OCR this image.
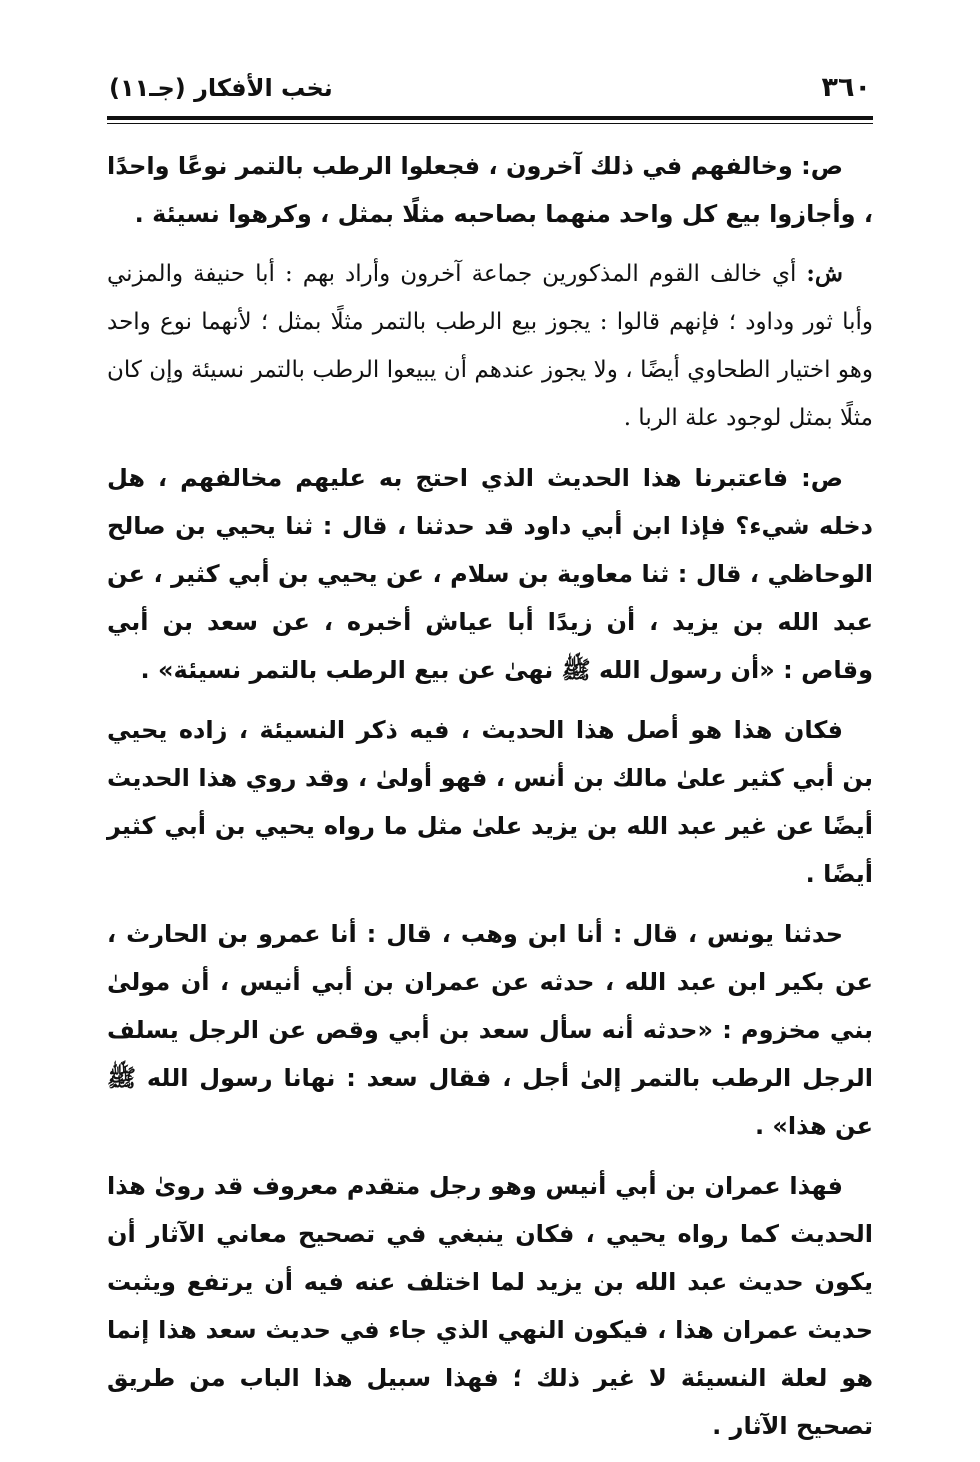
٣٦٠
نخب الأفكار (جـ١١)

ص: وخالفهم في ذلك آخرون ، فجعلوا الرطب بالتمر نوعًا واحدًا ، وأجازوا بيع كل واحد منهما بصاحبه مثلًا بمثل ، وكرهوا نسيئة .

ش: أي خالف القوم المذكورين جماعة آخرون وأراد بهم : أبا حنيفة والمزني وأبا ثور وداود ؛ فإنهم قالوا : يجوز بيع الرطب بالتمر مثلًا بمثل ؛ لأنهما نوع واحد وهو اختيار الطحاوي أيضًا ، ولا يجوز عندهم أن يبيعوا الرطب بالتمر نسيئة وإن كان مثلًا بمثل لوجود علة الربا .

ص: فاعتبرنا هذا الحديث الذي احتج به عليهم مخالفهم ، هل دخله شيء؟ فإذا ابن أبي داود قد حدثنا ، قال : ثنا يحيي بن صالح الوحاظي ، قال : ثنا معاوية بن سلام ، عن يحيي بن أبي كثير ، عن عبد الله بن يزيد ، أن زيدًا أبا عياش أخبره ، عن سعد بن أبي وقاص : «أن رسول الله ﷺ نهىٰ عن بيع الرطب بالتمر نسيئة» .

فكان هذا هو أصل هذا الحديث ، فيه ذكر النسيئة ، زاده يحيي بن أبي كثير علىٰ مالك بن أنس ، فهو أولىٰ ، وقد روي هذا الحديث أيضًا عن غير عبد الله بن يزيد علىٰ مثل ما رواه يحيي بن أبي كثير أيضًا .

حدثنا يونس ، قال : أنا ابن وهب ، قال : أنا عمرو بن الحارث ، عن بكير ابن عبد الله ، حدثه عن عمران بن أبي أنيس ، أن مولىٰ بني مخزوم : «حدثه أنه سأل سعد بن أبي وقص عن الرجل يسلف الرجل الرطب بالتمر إلىٰ أجل ، فقال سعد : نهانا رسول الله ﷺ عن هذا» .

فهذا عمران بن أبي أنيس وهو رجل متقدم معروف قد روىٰ هذا الحديث كما رواه يحيي ، فكان ينبغي في تصحيح معاني الآثار أن يكون حديث عبد الله بن يزيد لما اختلف عنه فيه أن يرتفع ويثبت حديث عمران هذا ، فيكون النهي الذي جاء في حديث سعد هذا إنما هو لعلة النسيئة لا غير ذلك ؛ فهذا سبيل هذا الباب من طريق تصحيح الآثار .
